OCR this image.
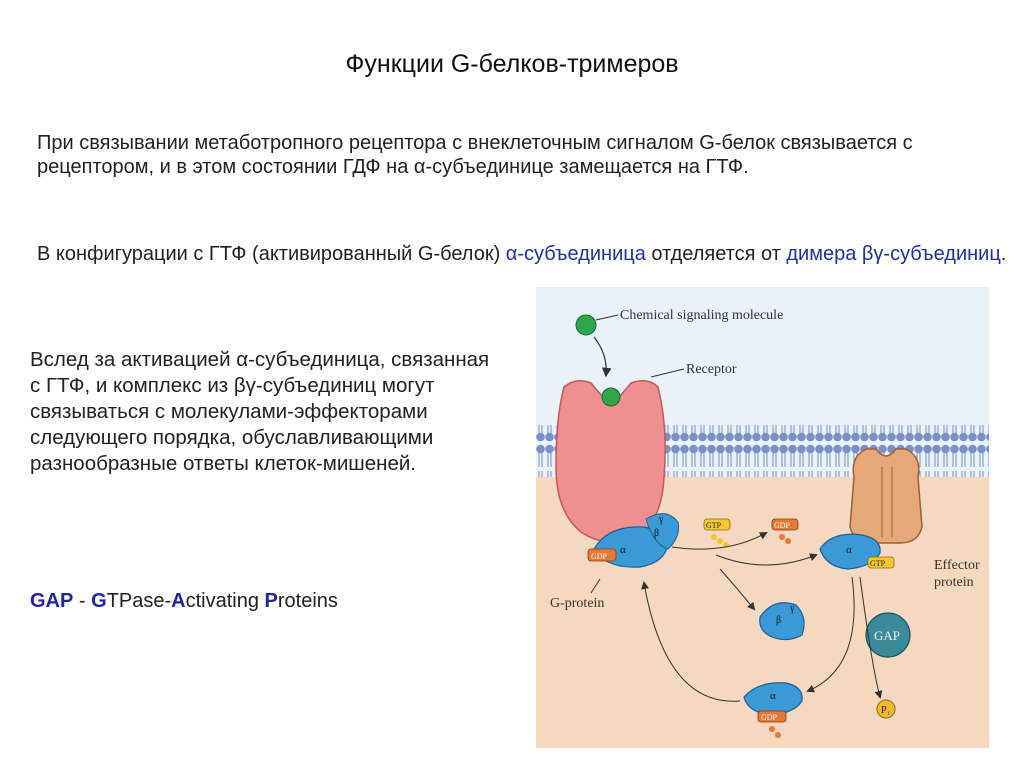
Функции G-белков-тримеров
При связывании метаботропного рецептора с внеклеточным сигналом G-белок связывается с рецептором, и в этом состоянии ГДФ на α-субъединице замещается на ГТФ.
В конфигурации с ГТФ (активированный G-белок) α-субъединица отделяется от димера βγ-субъединиц.
Вслед за активацией α-субъединица, связанная с ГТФ, и комплекс из βγ-субъединиц могут связываться с молекулами-эффекторами следующего порядка, обуславливающими разнообразные ответы клеток-мишеней.
GAP - GTPase-Activating Proteins
Chemical signaling molecule
Receptor
α
β
γ
GDP
G-protein
GTP	GDP
Effector
protein
α
GTP
β
γ
GAP
P i
α
GDP
